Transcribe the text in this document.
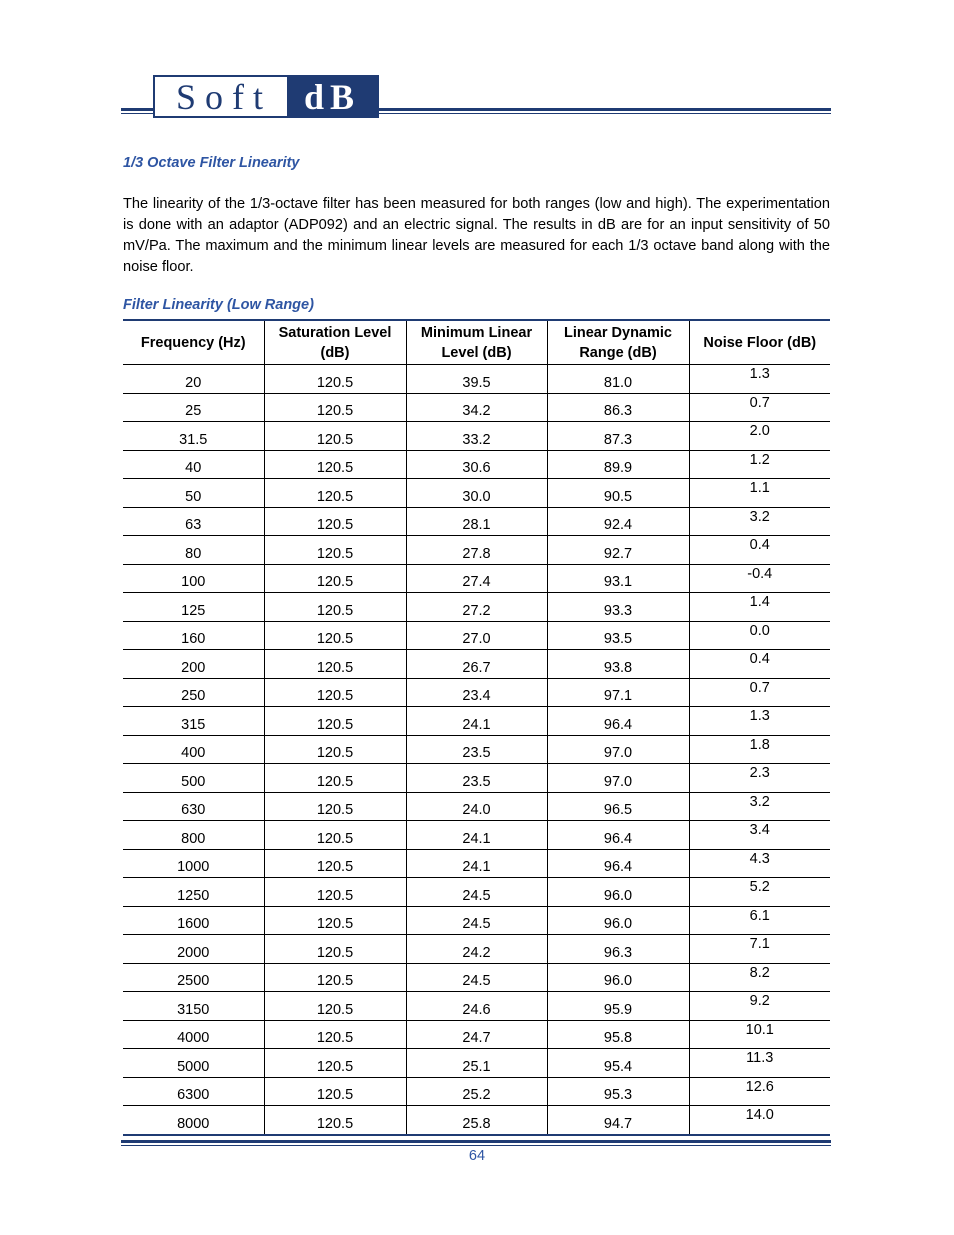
Soft dB
1/3 Octave Filter Linearity
The linearity of the 1/3-octave filter has been measured for both ranges (low and high). The experimentation is done with an adaptor (ADP092) and an electric signal. The results in dB are for an input sensitivity of 50 mV/Pa. The maximum and the minimum linear levels are measured for each 1/3 octave band along with the noise floor.
Filter Linearity (Low Range)
Frequency (Hz)	Saturation Level (dB)	Minimum Linear Level (dB)	Linear Dynamic Range (dB)	Noise Floor (dB)
20	120.5	39.5	81.0	1.3
25	120.5	34.2	86.3	0.7
31.5	120.5	33.2	87.3	2.0
40	120.5	30.6	89.9	1.2
50	120.5	30.0	90.5	1.1
63	120.5	28.1	92.4	3.2
80	120.5	27.8	92.7	0.4
100	120.5	27.4	93.1	-0.4
125	120.5	27.2	93.3	1.4
160	120.5	27.0	93.5	0.0
200	120.5	26.7	93.8	0.4
250	120.5	23.4	97.1	0.7
315	120.5	24.1	96.4	1.3
400	120.5	23.5	97.0	1.8
500	120.5	23.5	97.0	2.3
630	120.5	24.0	96.5	3.2
800	120.5	24.1	96.4	3.4
1000	120.5	24.1	96.4	4.3
1250	120.5	24.5	96.0	5.2
1600	120.5	24.5	96.0	6.1
2000	120.5	24.2	96.3	7.1
2500	120.5	24.5	96.0	8.2
3150	120.5	24.6	95.9	9.2
4000	120.5	24.7	95.8	10.1
5000	120.5	25.1	95.4	11.3
6300	120.5	25.2	95.3	12.6
8000	120.5	25.8	94.7	14.0
64
